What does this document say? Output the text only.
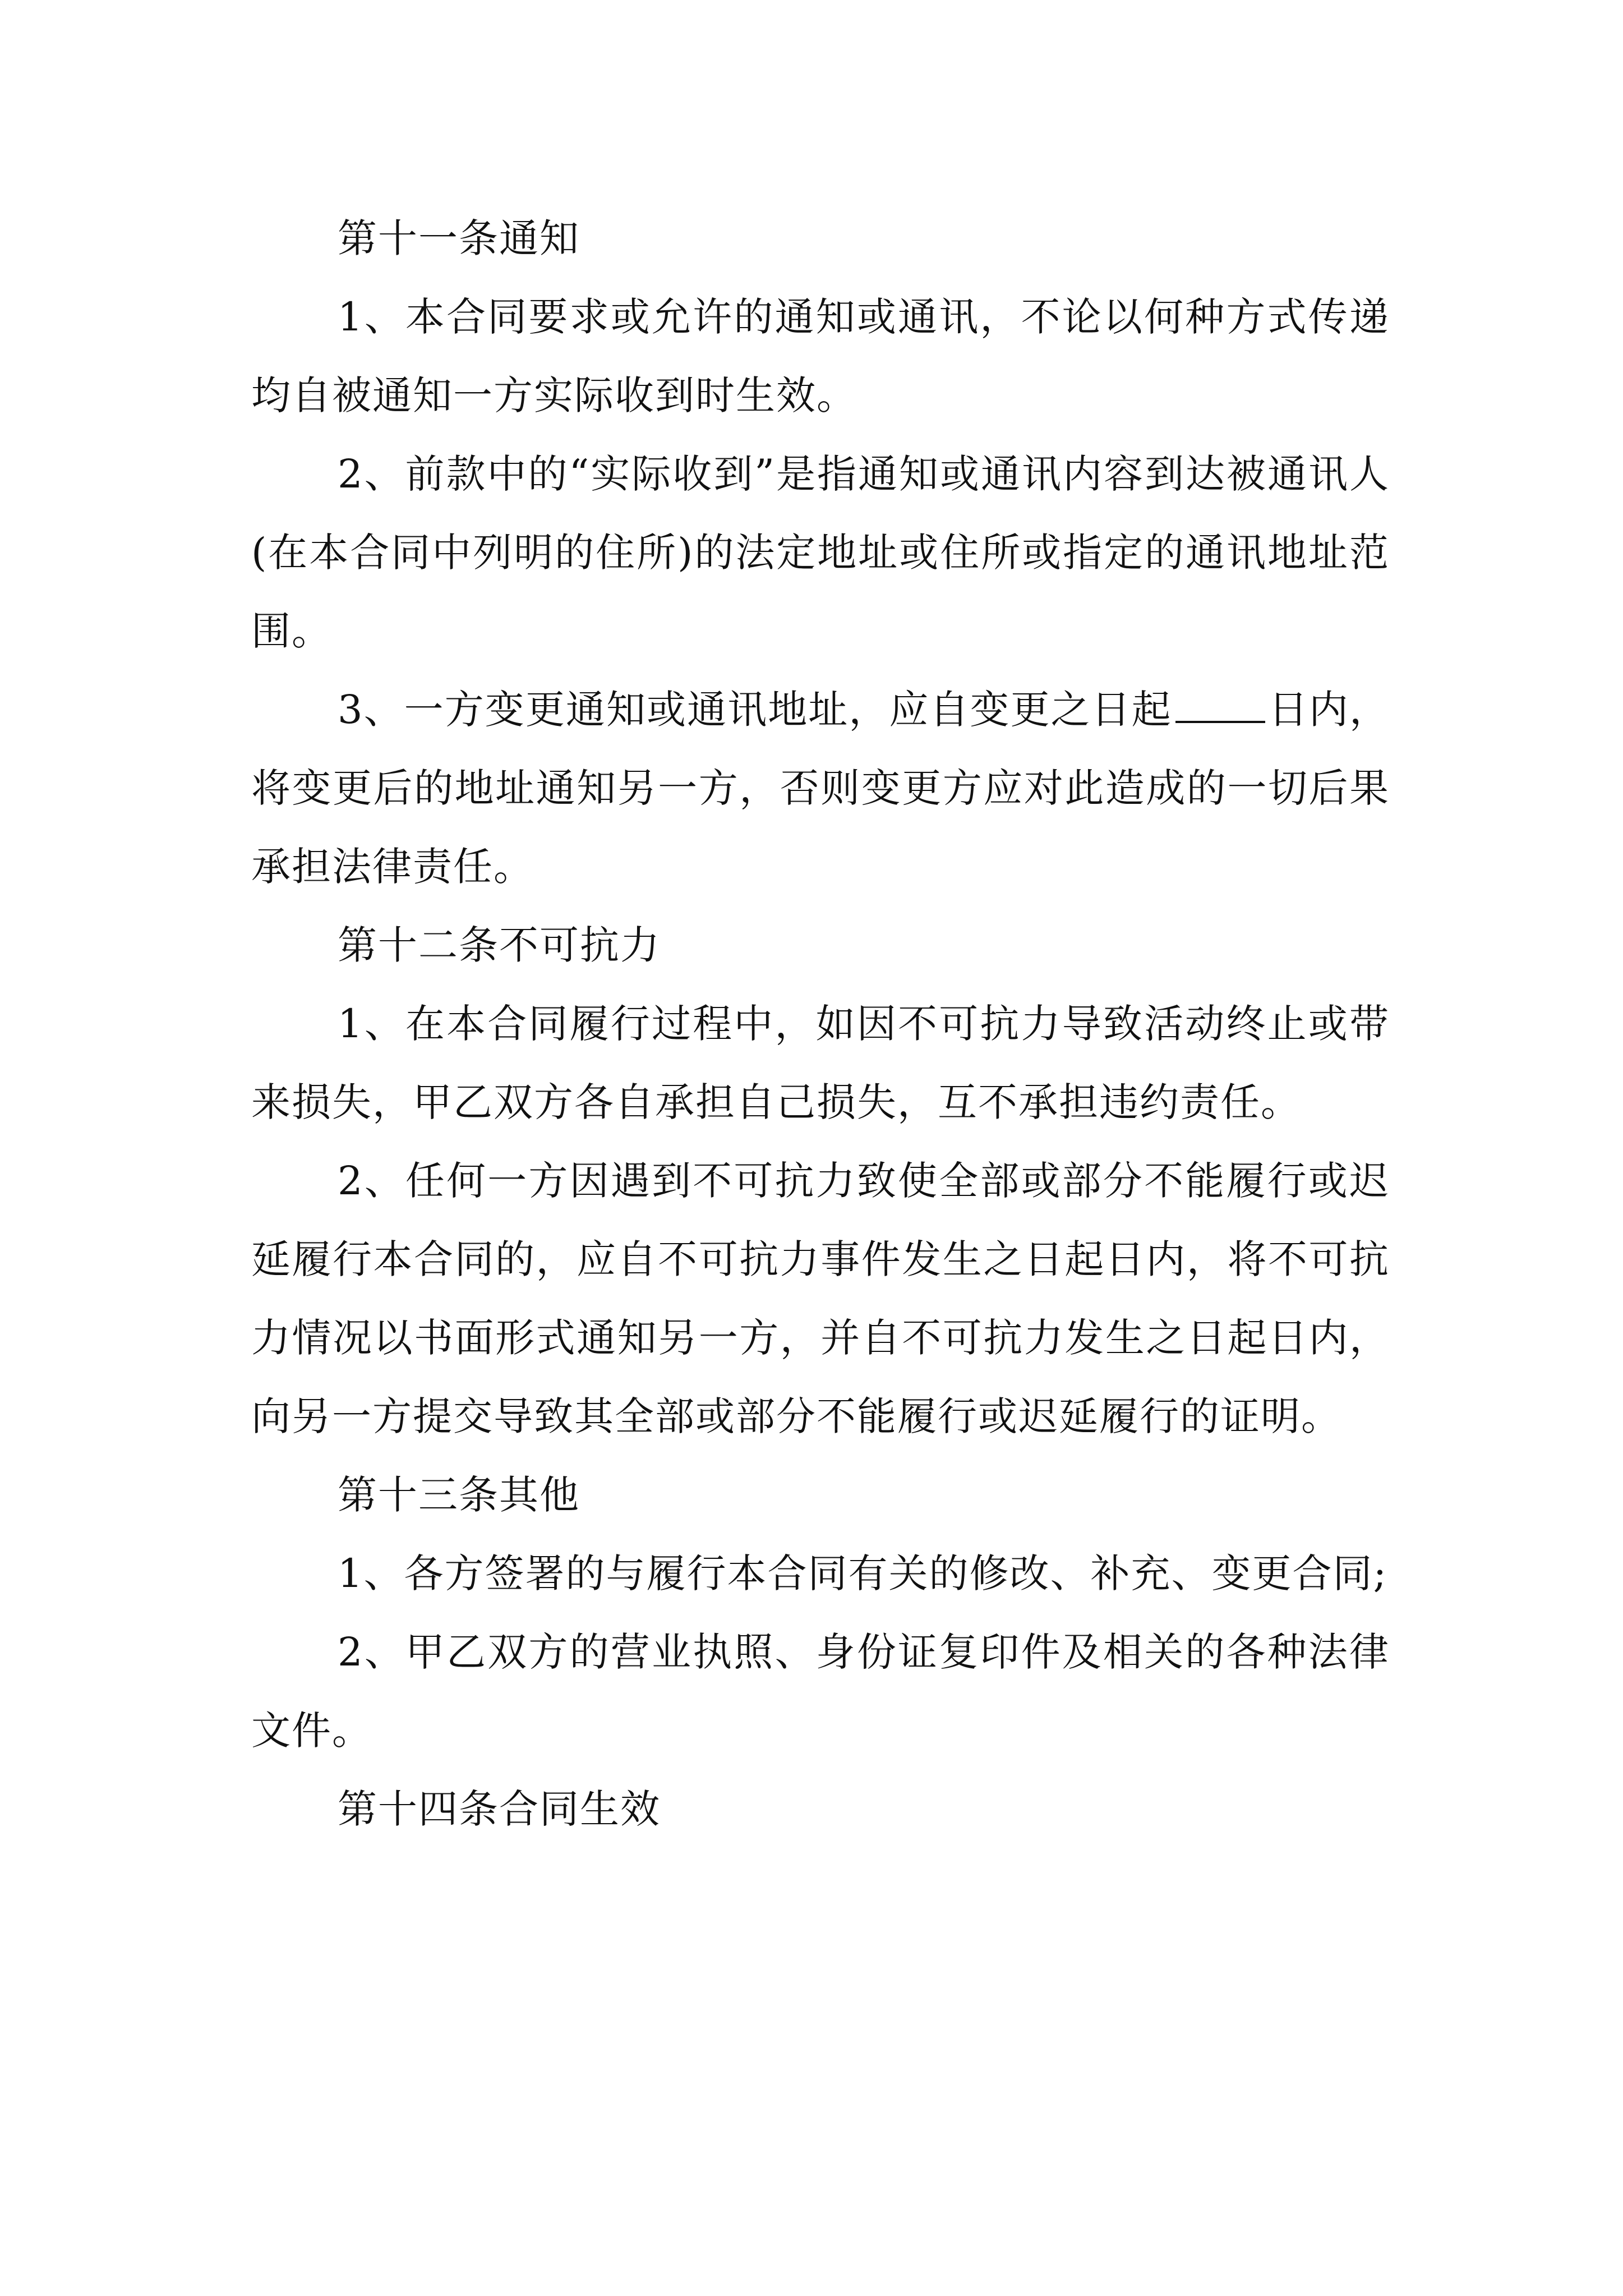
第十一条通知

1、本合同要求或允许的通知或通讯，不论以何种方式传递均自被通知一方实际收到时生效。

2、前款中的“实际收到”是指通知或通讯内容到达被通讯人(在本合同中列明的住所)的法定地址或住所或指定的通讯地址范围。

3、一方变更通知或通讯地址，应自变更之日起 日内，将变更后的地址通知另一方，否则变更方应对此造成的一切后果承担法律责任。

第十二条不可抗力

1、在本合同履行过程中，如因不可抗力导致活动终止或带来损失，甲乙双方各自承担自己损失，互不承担违约责任。

2、任何一方因遇到不可抗力致使全部或部分不能履行或迟延履行本合同的，应自不可抗力事件发生之日起日内，将不可抗力情况以书面形式通知另一方，并自不可抗力发生之日起日内，向另一方提交导致其全部或部分不能履行或迟延履行的证明。

第十三条其他

1、各方签署的与履行本合同有关的修改、补充、变更合同;

2、甲乙双方的营业执照、身份证复印件及相关的各种法律文件。

第十四条合同生效
